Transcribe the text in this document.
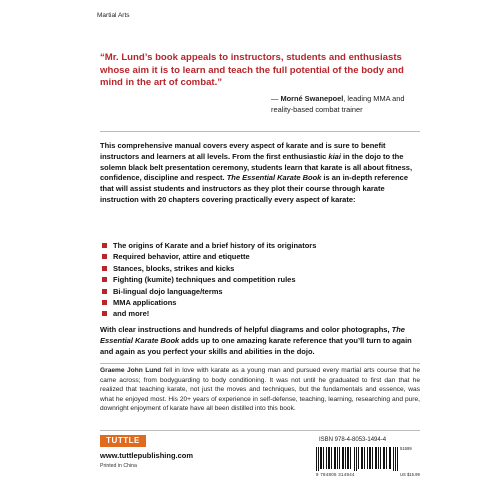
Martial Arts

“Mr. Lund’s book appeals to instructors, students and enthusiasts whose aim it is to learn and teach the full potential of the body and mind in the art of combat.”

— Morné Swanepoel, leading MMA and reality-based combat trainer

This comprehensive manual covers every aspect of karate and is sure to benefit instructors and learners at all levels. From the first enthusiastic kiai in the dojo to the solemn black belt presentation ceremony, students learn that karate is all about fitness, confidence, discipline and respect. The Essential Karate Book is an in-depth reference that will assist students and instructors as they plot their course through karate instruction with 20 chapters covering practically every aspect of karate:

The origins of Karate and a brief history of its originators
Required behavior, attire and etiquette
Stances, blocks, strikes and kicks
Fighting (kumite) techniques and competition rules
Bi-lingual dojo language/terms
MMA applications
and more!

With clear instructions and hundreds of helpful diagrams and color photographs, The Essential Karate Book adds up to one amazing karate reference that you’ll turn to again and again as you perfect your skills and abilities in the dojo.

Graeme John Lund fell in love with karate as a young man and pursued every martial arts course that he came across; from bodyguarding to body conditioning. It was not until he graduated to first dan that he realized that teaching karate, not just the moves and techniques, but the fundamentals and essence, was what he enjoyed most. His 20+ years of experience in self-defense, teaching, learning, researching and pure, downright enjoyment of karate have all been distilled into this book.

TUTTLE

www.tuttlepublishing.com

Printed in China

ISBN 978-4-8053-1494-4

51599

9 784805 314944	US $15.99
